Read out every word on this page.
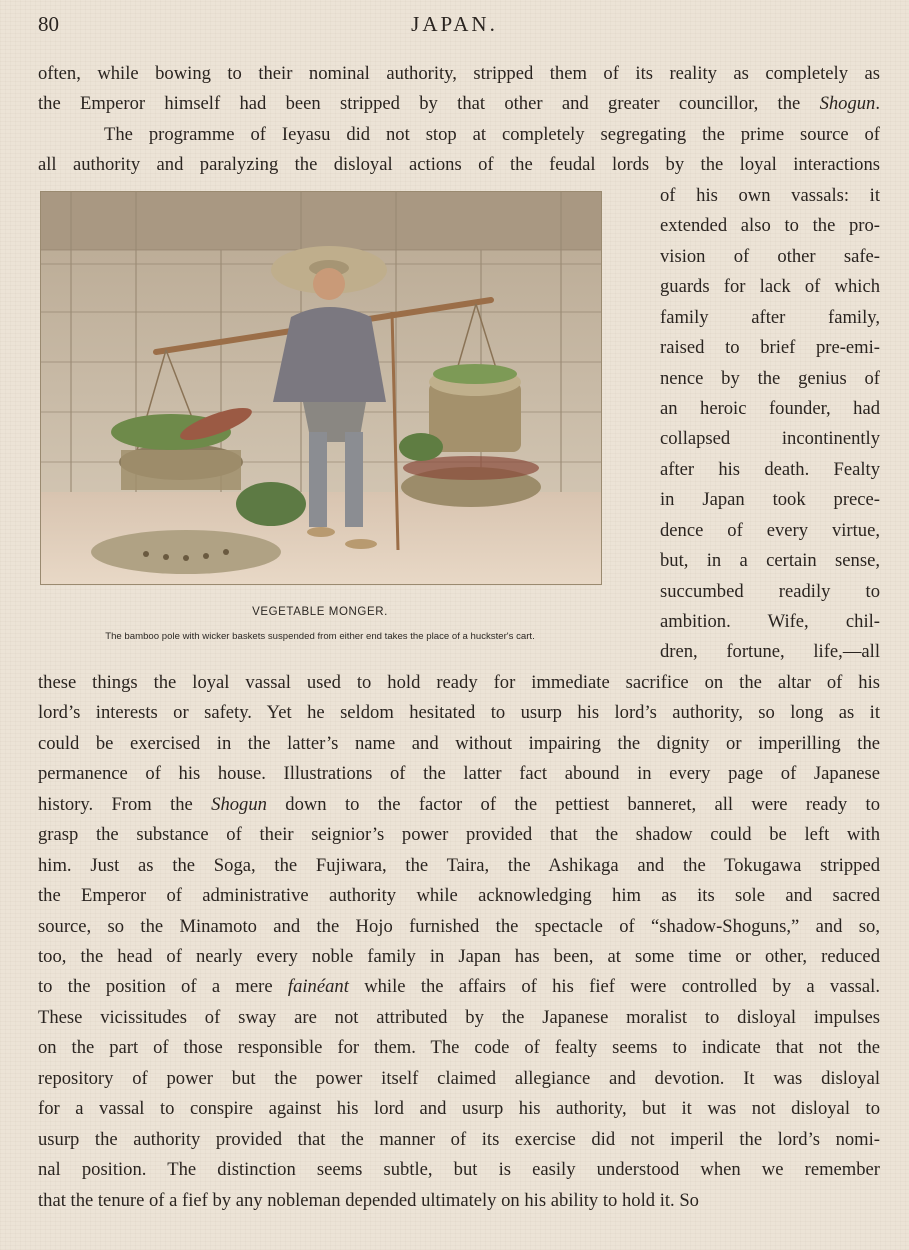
80	JAPAN.
often, while bowing to their nominal authority, stripped them of its reality as completely as
the Emperor himself had been stripped by that other and greater councillor, the Shogun.
The programme of Ieyasu did not stop at completely segregating the prime source of
all authority and paralyzing the disloyal actions of the feudal lords by the loyal interactions
of his own vassals: it
extended also to the pro-
vision of other safe-
guards for lack of which
family after family,
raised to brief pre-emi-
nence by the genius of
an heroic founder, had
collapsed incontinently
after his death. Fealty
in Japan took prece-
dence of every virtue,
but, in a certain sense,
succumbed readily to
ambition. Wife, chil-
dren, fortune, life,—all
these things the loyal vassal used to hold ready for immediate sacrifice on the altar of his
lord’s interests or safety. Yet he seldom hesitated to usurp his lord’s authority, so long as it
could be exercised in the latter’s name and without impairing the dignity or imperilling the
permanence of his house. Illustrations of the latter fact abound in every page of Japanese
history. From the Shogun down to the factor of the pettiest banneret, all were ready to
grasp the substance of their seignior’s power provided that the shadow could be left with
him. Just as the Soga, the Fujiwara, the Taira, the Ashikaga and the Tokugawa stripped
the Emperor of administrative authority while acknowledging him as its sole and sacred
source, so the Minamoto and the Hojo furnished the spectacle of “shadow-Shoguns,” and so,
too, the head of nearly every noble family in Japan has been, at some time or other, reduced
to the position of a mere fainéant while the affairs of his fief were controlled by a vassal.
These vicissitudes of sway are not attributed by the Japanese moralist to disloyal impulses
on the part of those responsible for them. The code of fealty seems to indicate that not the
repository of power but the power itself claimed allegiance and devotion. It was disloyal
for a vassal to conspire against his lord and usurp his authority, but it was not disloyal to
usurp the authority provided that the manner of its exercise did not imperil the lord’s nomi-
nal position. The distinction seems subtle, but is easily understood when we remember
that the tenure of a fief by any nobleman depended ultimately on his ability to hold it. So
VEGETABLE MONGER.
The bamboo pole with wicker baskets suspended from either end takes the place of a huckster's cart.
